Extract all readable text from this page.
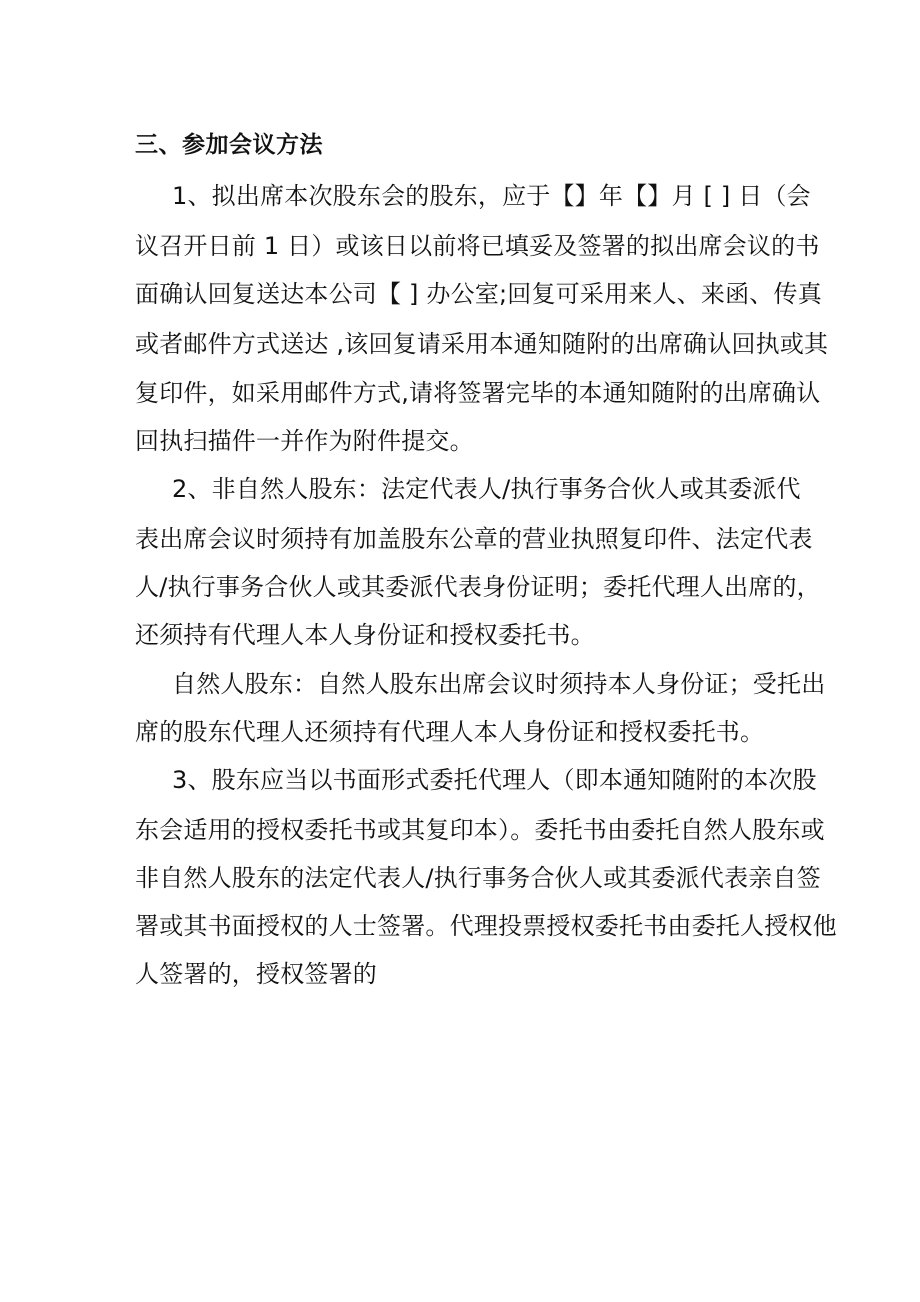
三、参加会议方法
1、拟出席本次股东会的股东，应于【】年【】月 [ ] 日（会
议召开日前 1 日）或该日以前将已填妥及签署的拟出席会议的书
面确认回复送达本公司【 ] 办公室;回复可采用来人、来函、传真
或者邮件方式送达 ,该回复请采用本通知随附的出席确认回执或其
复印件，如采用邮件方式,请将签署完毕的本通知随附的出席确认
回执扫描件一并作为附件提交。
2、非自然人股东：法定代表人/执行事务合伙人或其委派代
表出席会议时须持有加盖股东公章的营业执照复印件、法定代表
人/执行事务合伙人或其委派代表身份证明；委托代理人出席的，
还须持有代理人本人身份证和授权委托书。
自然人股东：自然人股东出席会议时须持本人身份证；受托出
席的股东代理人还须持有代理人本人身份证和授权委托书。
3、股东应当以书面形式委托代理人（即本通知随附的本次股
东会适用的授权委托书或其复印本）。委托书由委托自然人股东或
非自然人股东的法定代表人/执行事务合伙人或其委派代表亲自签
署或其书面授权的人士签署。代理投票授权委托书由委托人授权他
人签署的，授权签署的
